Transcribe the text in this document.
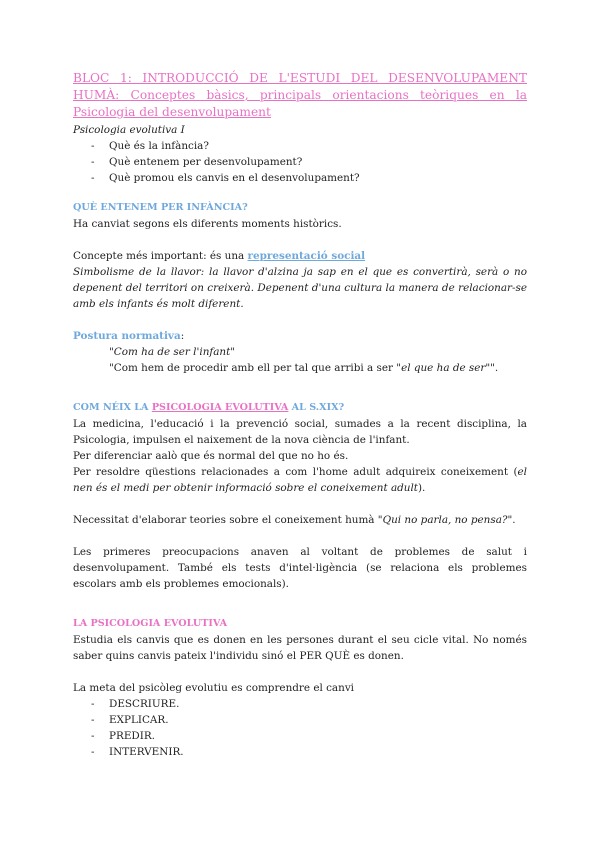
BLOC 1: INTRODUCCIÓ DE L'ESTUDI DEL DESENVOLUPAMENT HUMÀ: Conceptes bàsics, principals orientacions teòriques en la Psicologia del desenvolupament

Psicologia evolutiva I

- Què és la infància?
- Què entenem per desenvolupament?
- Què promou els canvis en el desenvolupament?

QUÈ ENTENEM PER INFÀNCIA?

Ha canviat segons els diferents moments històrics.

Concepte més important: és una representació social

Simbolisme de la llavor: la llavor d'alzina ja sap en el que es convertirà, serà o no depenent del territori on creixerà. Depenent d'una cultura la manera de relacionar-se amb els infants és molt diferent.

Postura normativa:

"Com ha de ser l'infant"

"Com hem de procedir amb ell per tal que arribi a ser "el que ha de ser"".

COM NÉIX LA PSICOLOGIA EVOLUTIVA AL S.XIX?

La medicina, l'educació i la prevenció social, sumades a la recent disciplina, la Psicologia, impulsen el naixement de la nova ciència de l'infant.

Per diferenciar aalò que és normal del que no ho és.

Per resoldre qüestions relacionades a com l'home adult adquireix coneixement (el nen és el medi per obtenir informació sobre el coneixement adult).

Necessitat d'elaborar teories sobre el coneixement humà "Qui no parla, no pensa?".

Les primeres preocupacions anaven al voltant de problemes de salut i desenvolupament. També els tests d'intel·ligència (se relaciona els problemes escolars amb els problemes emocionals).

LA PSICOLOGIA EVOLUTIVA

Estudia els canvis que es donen en les persones durant el seu cicle vital. No només saber quins canvis pateix l'individu sinó el PER QUÈ es donen.

La meta del psicòleg evolutiu es comprendre el canvi

- DESCRIURE.
- EXPLICAR.
- PREDIR.
- INTERVENIR.
